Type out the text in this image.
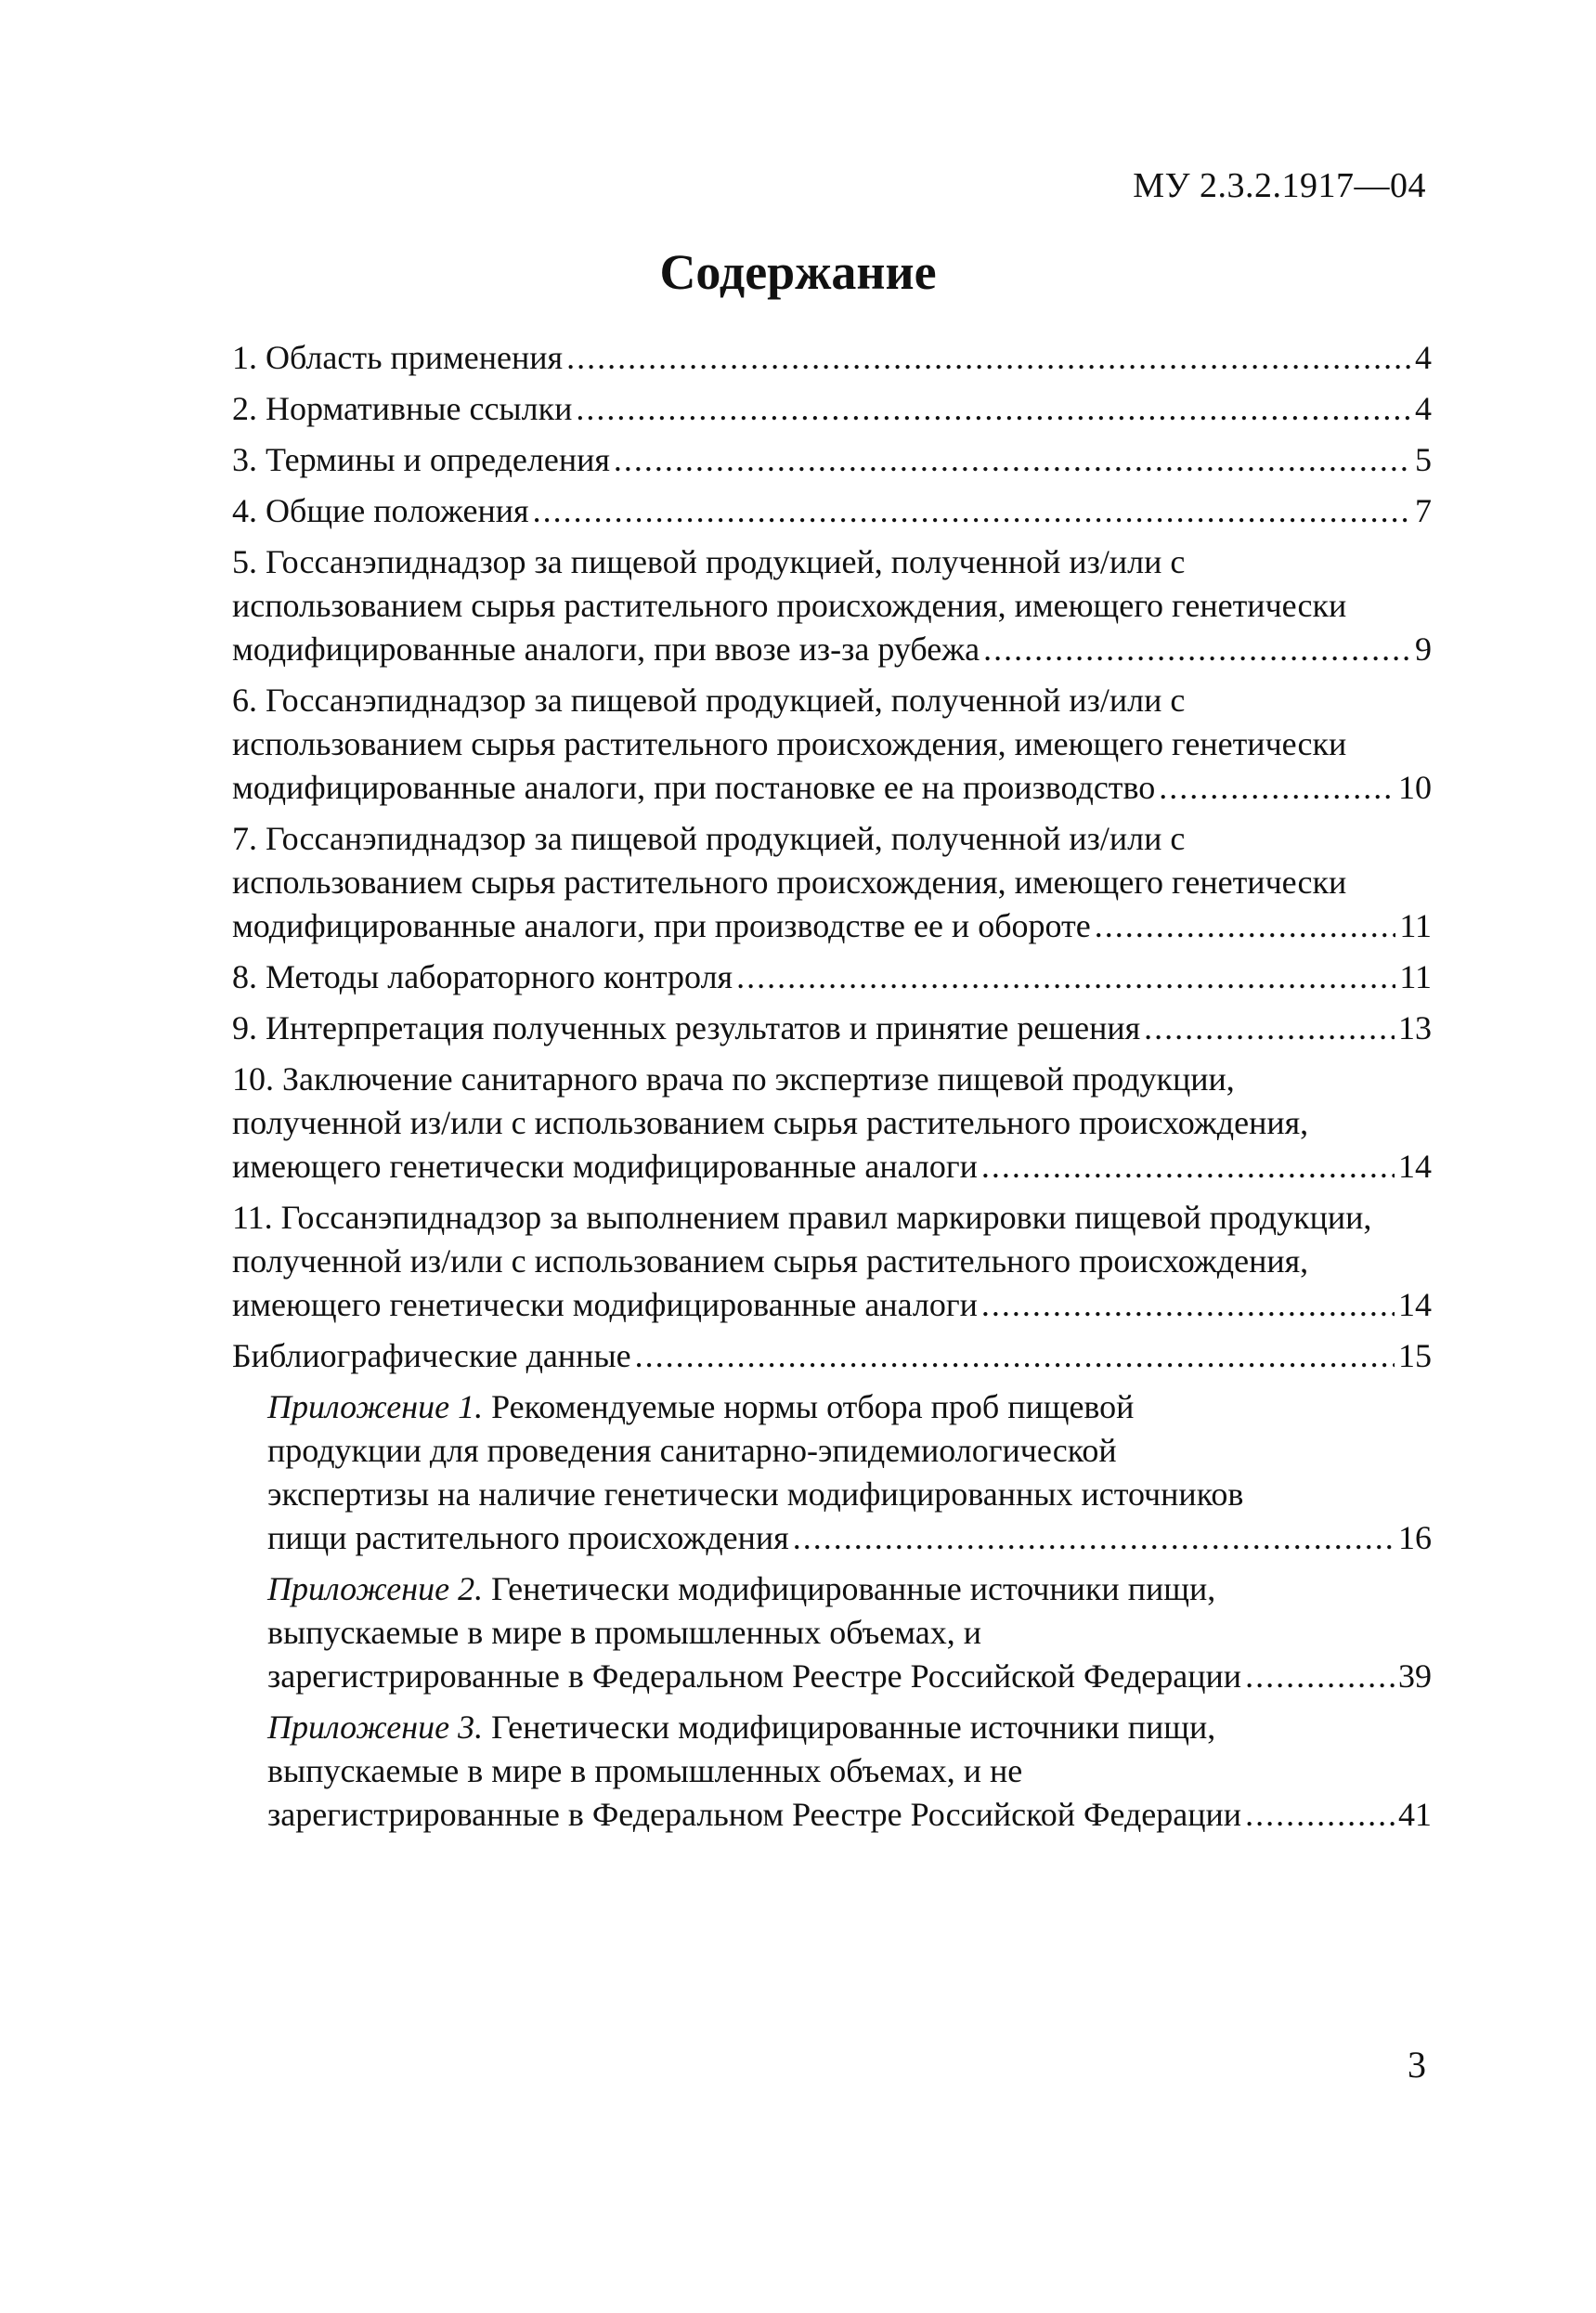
МУ 2.3.2.1917—04
Содержание
1. Область применения .....	4
2. Нормативные ссылки .....	4
3. Термины и определения .....	5
4. Общие положения .....	7
5. Госсанэпиднадзор за пищевой продукцией, полученной из/или с
использованием сырья растительного происхождения, имеющего генетически
модифицированные аналоги, при ввозе из-за рубежа .....	9
6. Госсанэпиднадзор за пищевой продукцией, полученной из/или с
использованием сырья растительного происхождения, имеющего генетически
модифицированные аналоги, при постановке ее на производство .....	10
7. Госсанэпиднадзор за пищевой продукцией, полученной из/или с
использованием сырья растительного происхождения, имеющего генетически
модифицированные аналоги, при производстве ее и обороте .....	11
8. Методы лабораторного контроля .....	11
9. Интерпретация полученных результатов и принятие решения .....	13
10. Заключение санитарного врача по экспертизе пищевой продукции,
полученной из/или с использованием сырья растительного происхождения,
имеющего генетически модифицированные аналоги .....	14
11. Госсанэпиднадзор за выполнением правил маркировки пищевой продукции,
полученной из/или с использованием сырья растительного происхождения,
имеющего генетически модифицированные аналоги .....	14
Библиографические данные .....	15
Приложение 1. Рекомендуемые нормы отбора проб пищевой
продукции для проведения санитарно-эпидемиологической
экспертизы на наличие генетически модифицированных источников
пищи растительного происхождения .....	16
Приложение 2. Генетически модифицированные источники пищи,
выпускаемые в мире в промышленных объемах, и
зарегистрированные в Федеральном Реестре Российской Федерации .....	39
Приложение 3. Генетически модифицированные источники пищи,
выпускаемые в мире в промышленных объемах, и не
зарегистрированные в Федеральном Реестре Российской Федерации .....	41
3
